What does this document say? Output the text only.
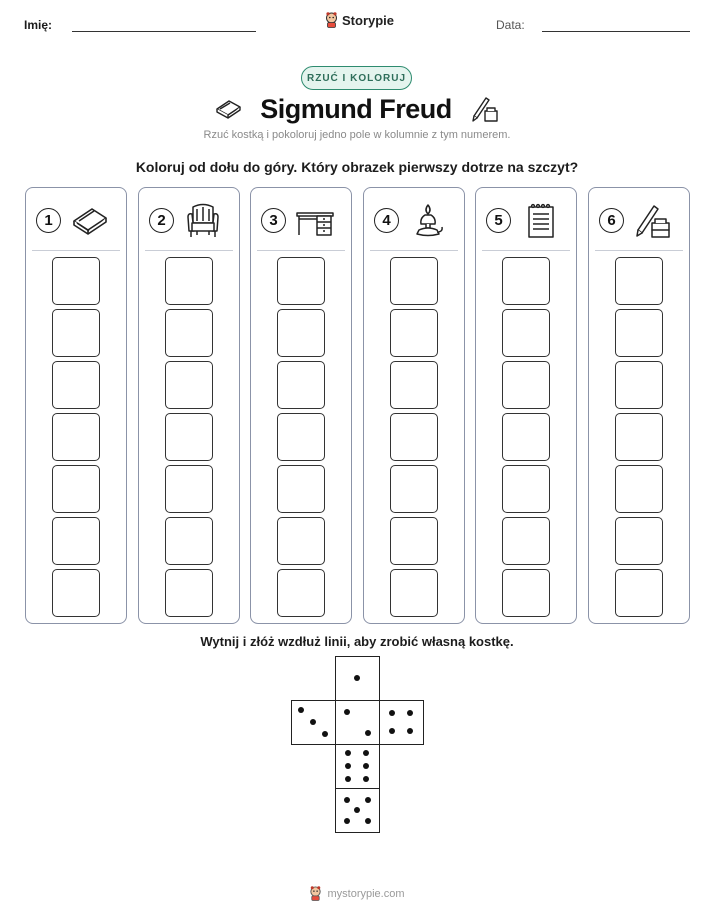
Imię:	Storypie	Data:
RZUĆ I KOLORUJ
Sigmund Freud
Rzuć kostką i pokoloruj jedno pole w kolumnie z tym numerem.
Koloruj od dołu do góry. Który obrazek pierwszy dotrze na szczyt?
1	2	3	4	5	6
Wytnij i złóż wzdłuż linii, aby zrobić własną kostkę.
mystorypie.com
